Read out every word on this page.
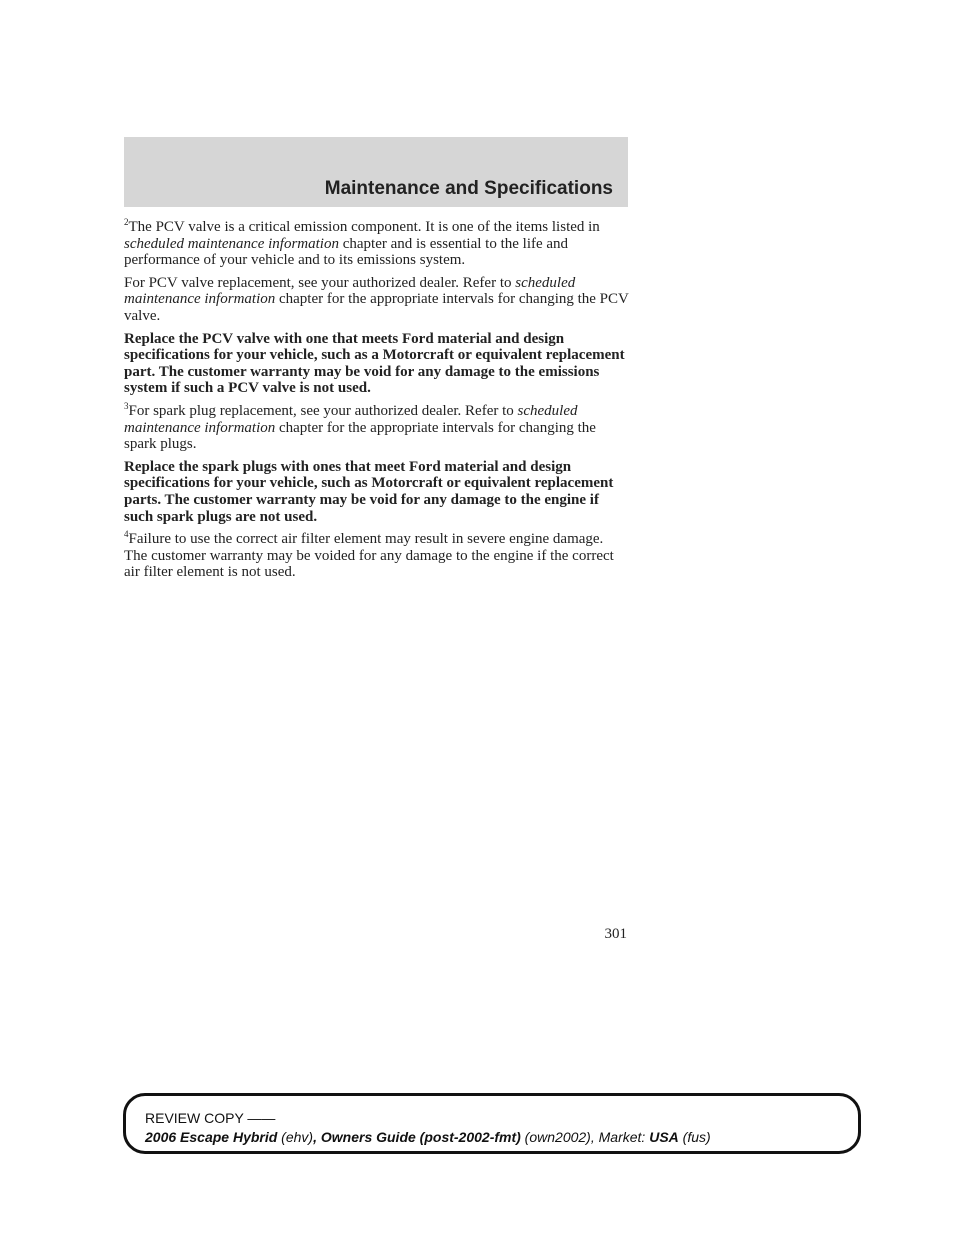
Maintenance and Specifications

$^2$The PCV valve is a critical emission component. It is one of the items listed in scheduled maintenance information chapter and is essential to the life and performance of your vehicle and to its emissions system.

For PCV valve replacement, see your authorized dealer. Refer to scheduled maintenance information chapter for the appropriate intervals for changing the PCV valve.

Replace the PCV valve with one that meets Ford material and design specifications for your vehicle, such as a Motorcraft or equivalent replacement part. The customer warranty may be void for any damage to the emissions system if such a PCV valve is not used.

$^3$For spark plug replacement, see your authorized dealer. Refer to scheduled maintenance information chapter for the appropriate intervals for changing the spark plugs.

Replace the spark plugs with ones that meet Ford material and design specifications for your vehicle, such as Motorcraft or equivalent replacement parts. The customer warranty may be void for any damage to the engine if such spark plugs are not used.

$^4$Failure to use the correct air filter element may result in severe engine damage. The customer warranty may be voided for any damage to the engine if the correct air filter element is not used.

301
REVIEW COPY ——
2006 Escape Hybrid (ehv), Owners Guide (post-2002-fmt) (own2002), Market: USA (fus)
